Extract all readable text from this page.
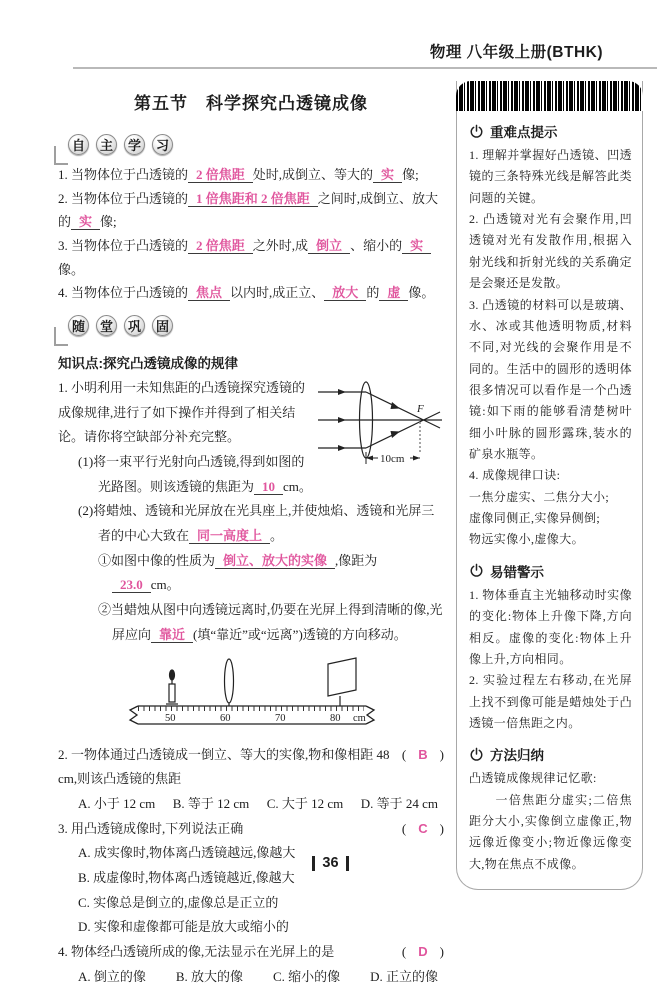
物理 八年级上册(BTHK)
第五节　科学探究凸透镜成像
自	主	学	习
1. 当物体位于凸透镜的 2 倍焦距 处时,成倒立、等大的 实 像;
2. 当物体位于凸透镜的 1 倍焦距和 2 倍焦距 之间时,成倒立、放大的 实 像;
3. 当物体位于凸透镜的 2 倍焦距 之外时,成 倒立 、缩小的 实像。
4. 当物体位于凸透镜的 焦点 以内时,成正立、 放大 的 虚 像。
随	堂	巩	固
知识点:探究凸透镜成像的规律
F
10cm
1. 小明利用一未知焦距的凸透镜探究透镜的成像规律,进行了如下操作并得到了相关结论。请你将空缺部分补充完整。
(1)将一束平行光射向凸透镜,得到如图的光路图。则该透镜的焦距为 10 cm。
(2)将蜡烛、透镜和光屏放在光具座上,并使烛焰、透镜和光屏三者的中心大致在 同一高度上 。
①如图中像的性质为 倒立、放大的实像 ,像距为23.0 cm。
②当蜡烛从图中向透镜远离时,仍要在光屏上得到清晰的像,光屏应向 靠近 (填“靠近”或“远离”)透镜的方向移动。
50	60	70	80 cm
( B )
2. 一物体通过凸透镜成一倒立、等大的实像,物和像相距 48 cm,则该凸透镜的焦距
A. 小于 12 cm B. 等于 12 cm C. 大于 12 cm D. 等于 24 cm
( C )
3. 用凸透镜成像时,下列说法正确
A. 成实像时,物体离凸透镜越远,像越大
B. 成虚像时,物体离凸透镜越近,像越大
C. 实像总是倒立的,虚像总是正立的
D. 实像和虚像都可能是放大或缩小的
( D )
4. 物体经凸透镜所成的像,无法显示在光屏上的是
A. 倒立的像 B. 放大的像 C. 缩小的像 D. 正立的像
重难点提示

1. 理解并掌握好凸透镜、凹透镜的三条特殊光线是解答此类问题的关键。

2. 凸透镜对光有会聚作用,凹透镜对光有发散作用,根据入射光线和折射光线的关系确定是会聚还是发散。

3. 凸透镜的材料可以是玻璃、水、冰或其他透明物质,材料不同,对光线的会聚作用是不同的。生活中的圆形的透明体很多情况可以看作是一个凸透镜:如下雨的能够看清楚树叶细小叶脉的圆形露珠,装水的矿泉水瓶等。

4. 成像规律口诀:

一焦分虚实、二焦分大小;

虚像同侧正,实像异侧倒;

物远实像小,虚像大。

易错警示

1. 物体垂直主光轴移动时实像的变化:物体上升像下降,方向相反。虚像的变化:物体上升像上升,方向相同。

2. 实验过程左右移动,在光屏上找不到像可能是蜡烛处于凸透镜一倍焦距之内。

方法归纳

凸透镜成像规律记忆歌:

　　一倍焦距分虚实;二倍焦距分大小,实像倒立虚像正,物远像近像变小;物近像远像变大,物在焦点不成像。

36
